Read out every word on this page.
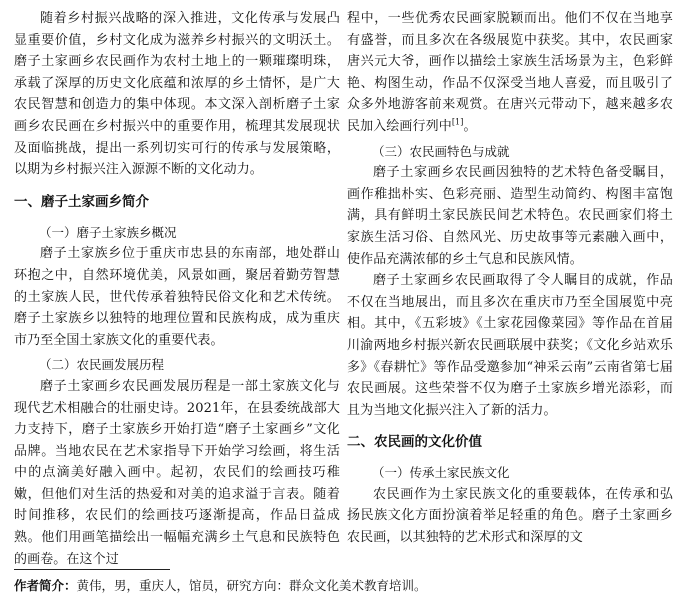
随着乡村振兴战略的深入推进，文化传承与发展凸显重要价值，乡村文化成为滋养乡村振兴的文明沃土。磨子土家画乡农民画作为农村土地上的一颗璀璨明珠，承载了深厚的历史文化底蕴和浓厚的乡土情怀，是广大农民智慧和创造力的集中体现。本文深入剖析磨子土家画乡农民画在乡村振兴中的重要作用，梳理其发展现状及面临挑战，提出一系列切实可行的传承与发展策略，以期为乡村振兴注入源源不断的文化动力。

一、磨子土家画乡简介
（一）磨子土家族乡概况

磨子土家族乡位于重庆市忠县的东南部，地处群山环抱之中，自然环境优美，风景如画，聚居着勤劳智慧的土家族人民，世代传承着独特民俗文化和艺术传统。磨子土家族乡以独特的地理位置和民族构成，成为重庆市乃至全国土家族文化的重要代表。

（二）农民画发展历程

磨子土家画乡农民画发展历程是一部土家族文化与现代艺术相融合的壮丽史诗。2021年，在县委统战部大力支持下，磨子土家族乡开始打造“磨子土家画乡”文化品牌。当地农民在艺术家指导下开始学习绘画，将生活中的点滴美好融入画中。起初，农民们的绘画技巧稚嫩，但他们对生活的热爱和对美的追求溢于言表。随着时间推移，农民们的绘画技巧逐渐提高，作品日益成熟。他们用画笔描绘出一幅幅充满乡土气息和民族特色的画卷。在这个过

程中，一些优秀农民画家脱颖而出。他们不仅在当地享有盛誉，而且多次在各级展览中获奖。其中，农民画家唐兴元大爷，画作以描绘土家族生活场景为主，色彩鲜艳、构图生动，作品不仅深受当地人喜爱，而且吸引了众多外地游客前来观赏。在唐兴元带动下，越来越多农民加入绘画行列中[1]。

（三）农民画特色与成就

磨子土家画乡农民画因独特的艺术特色备受瞩目，画作稚拙朴实、色彩亮丽、造型生动简约、构图丰富饱满，具有鲜明土家民族民间艺术特色。农民画家们将土家族生活习俗、自然风光、历史故事等元素融入画中，使作品充满浓郁的乡土气息和民族风情。

磨子土家画乡农民画取得了令人瞩目的成就，作品不仅在当地展出，而且多次在重庆市乃至全国展览中亮相。其中，《五彩坡》《土家花园像菜园》等作品在首届川渝两地乡村振兴新农民画联展中获奖；《文化乡站欢乐多》《春耕忙》等作品受邀参加“神采云南”云南省第七届农民画展。这些荣誉不仅为磨子土家族乡增光添彩，而且为当地文化振兴注入了新的活力。

二、农民画的文化价值
（一）传承土家民族文化

农民画作为土家民族文化的重要载体，在传承和弘扬民族文化方面扮演着举足轻重的角色。磨子土家画乡农民画，以其独特的艺术形式和深厚的文

作者简介：黄伟，男，重庆人，馆员，研究方向：群众文化美术教育培训。
